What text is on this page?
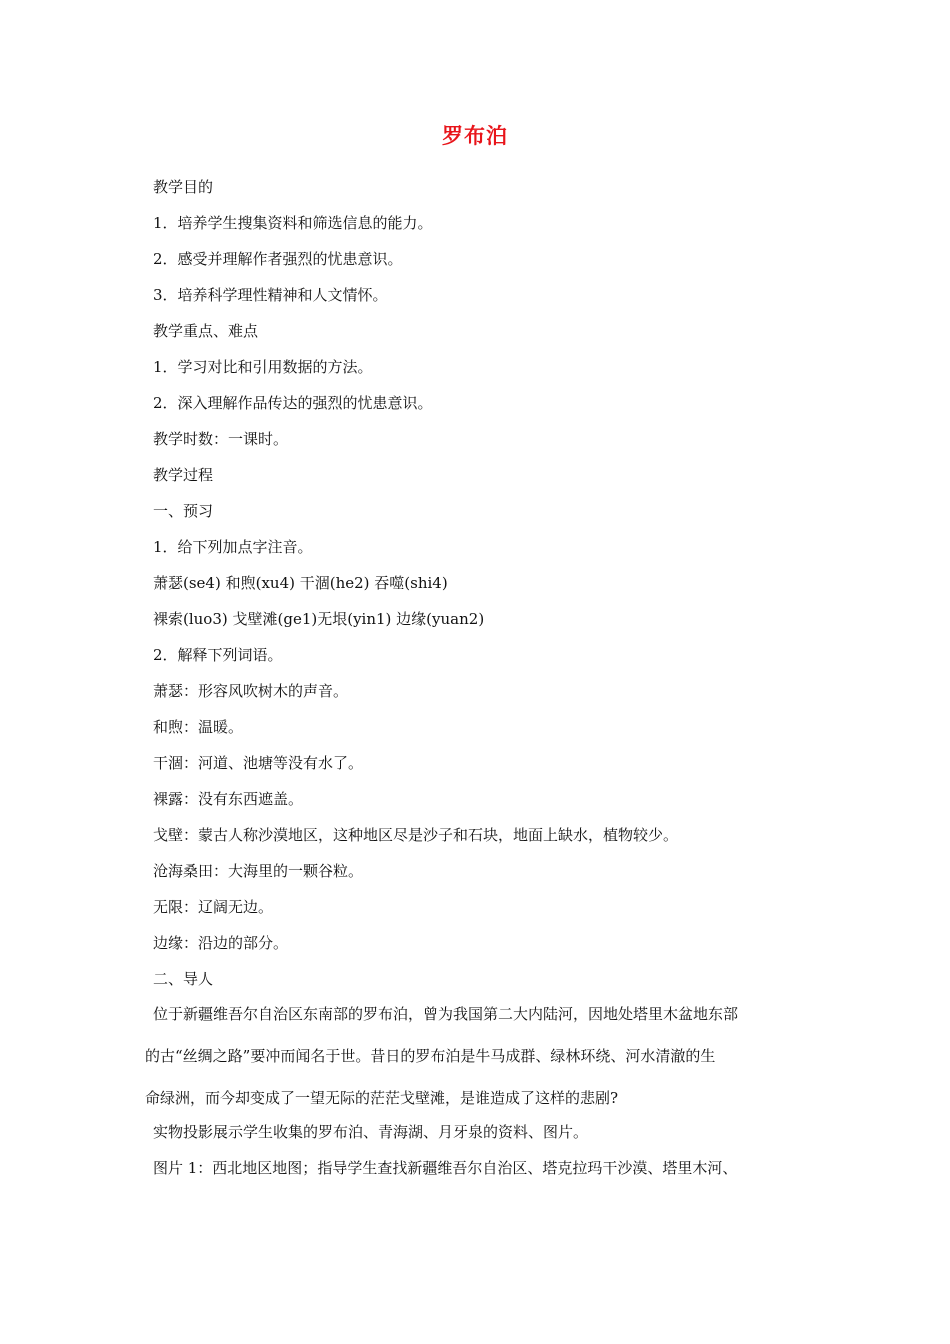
罗布泊
教学目的
1．培养学生搜集资料和筛选信息的能力。
2．感受并理解作者强烈的忧患意识。
3．培养科学理性精神和人文情怀。
教学重点、难点
1．学习对比和引用数据的方法。
2．深入理解作品传达的强烈的忧患意识。
教学时数：一课时。
教学过程
一、预习
1．给下列加点字注音。
萧瑟(se4) 和煦(xu4) 干涸(he2) 吞噬(shi4)
裸索(luo3) 戈壁滩(ge1)无垠(yin1) 边缘(yuan2)
2．解释下列词语。
萧瑟：形容风吹树木的声音。
和煦：温暖。
干涸：河道、池塘等没有水了。
裸露：没有东西遮盖。
戈壁：蒙古人称沙漠地区，这种地区尽是沙子和石块，地面上缺水，植物较少。
沧海桑田：大海里的一颗谷粒。
无限：辽阔无边。
边缘：沿边的部分。
二、导人
位于新疆维吾尔自治区东南部的罗布泊，曾为我国第二大内陆河，因地处塔里木盆地东部
的古“丝绸之路”要冲而闻名于世。昔日的罗布泊是牛马成群、绿林环绕、河水清澈的生
命绿洲，而今却变成了一望无际的茫茫戈壁滩，是谁造成了这样的悲剧?
实物投影展示学生收集的罗布泊、青海湖、月牙泉的资料、图片。
图片 1：西北地区地图；指导学生查找新疆维吾尔自治区、塔克拉玛干沙漠、塔里木河、
